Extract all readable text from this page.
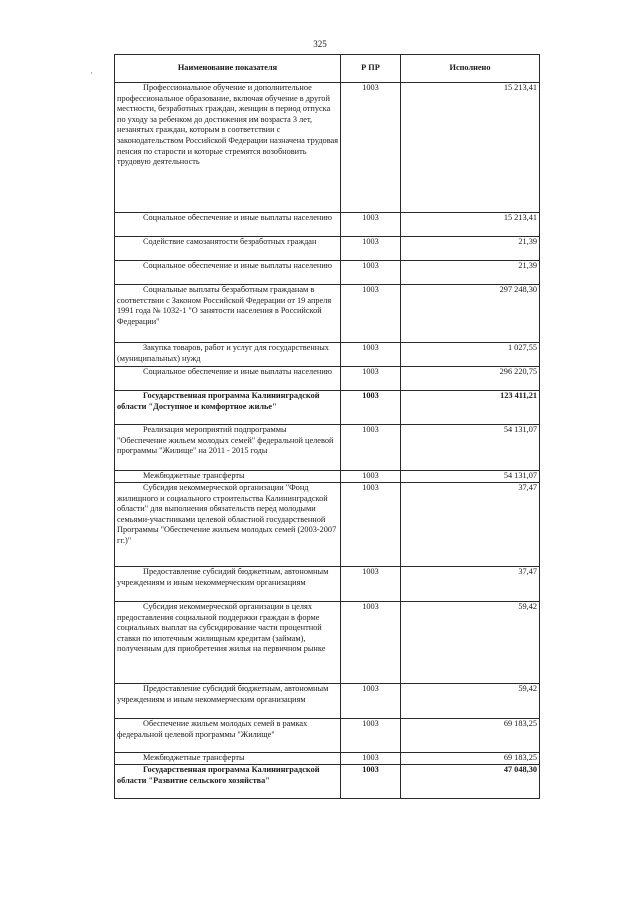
325
·
Наименование показателя	Р ПР	Исполнено
Профессиональное обучение и дополнительное профессиональное образование, включая обучение в другой местности, безработных граждан, женщин в период отпуска по уходу за ребенком до достижения им возраста 3 лет, незанятых граждан, которым в соответствии с законодательством Российской Федерации назначена трудовая пенсия по старости и которые стремятся возобновить трудовую деятельность	1003	15 213,41
Социальное обеспечение и иные выплаты населению	1003	15 213,41
Содействие самозанятости безработных граждан	1003	21,39
Социальное обеспечение и иные выплаты населению	1003	21,39
Социальные выплаты безработным гражданам в соответствии с Законом Российской Федерации от 19 апреля 1991 года № 1032-1 "О занятости населения в Российской Федерации"	1003	297 248,30
Закупка товаров, работ и услуг для государственных (муниципальных) нужд	1003	1 027,55
Социальное обеспечение и иные выплаты населению	1003	296 220,75
Государственная программа Калининградской области "Доступное и комфортное жилье"	1003	123 411,21
Реализация мероприятий подпрограммы "Обеспечение жильем молодых семей" федеральной целевой программы "Жилище" на 2011 - 2015 годы	1003	54 131,07
Межбюджетные трансферты	1003	54 131,07
Субсидия некоммерческой организации "Фонд жилищного и социального строительства Калининградской области" для выполнения обязательств перед молодыми семьями-участниками целевой областной государственной Программы "Обеспечение жильем молодых семей (2003-2007 гг.)"	1003	37,47
Предоставление субсидий бюджетным, автономным учреждениям и иным некоммерческим организациям	1003	37,47
Субсидия некоммерческой организации в целях предоставления социальной поддержки граждан в форме социальных выплат на субсидирование части процентной ставки по ипотечным жилищным кредитам (займам), полученным для приобретения жилья на первичном рынке	1003	59,42
Предоставление субсидий бюджетным, автономным учреждениям и иным некоммерческим организациям	1003	59,42
Обеспечение жильем молодых семей в рамках федеральной целевой программы "Жилище"	1003	69 183,25
Межбюджетные трансферты	1003	69 183,25
Государственная программа Калининградской области "Развитие сельского хозяйства"	1003	47 048,30
